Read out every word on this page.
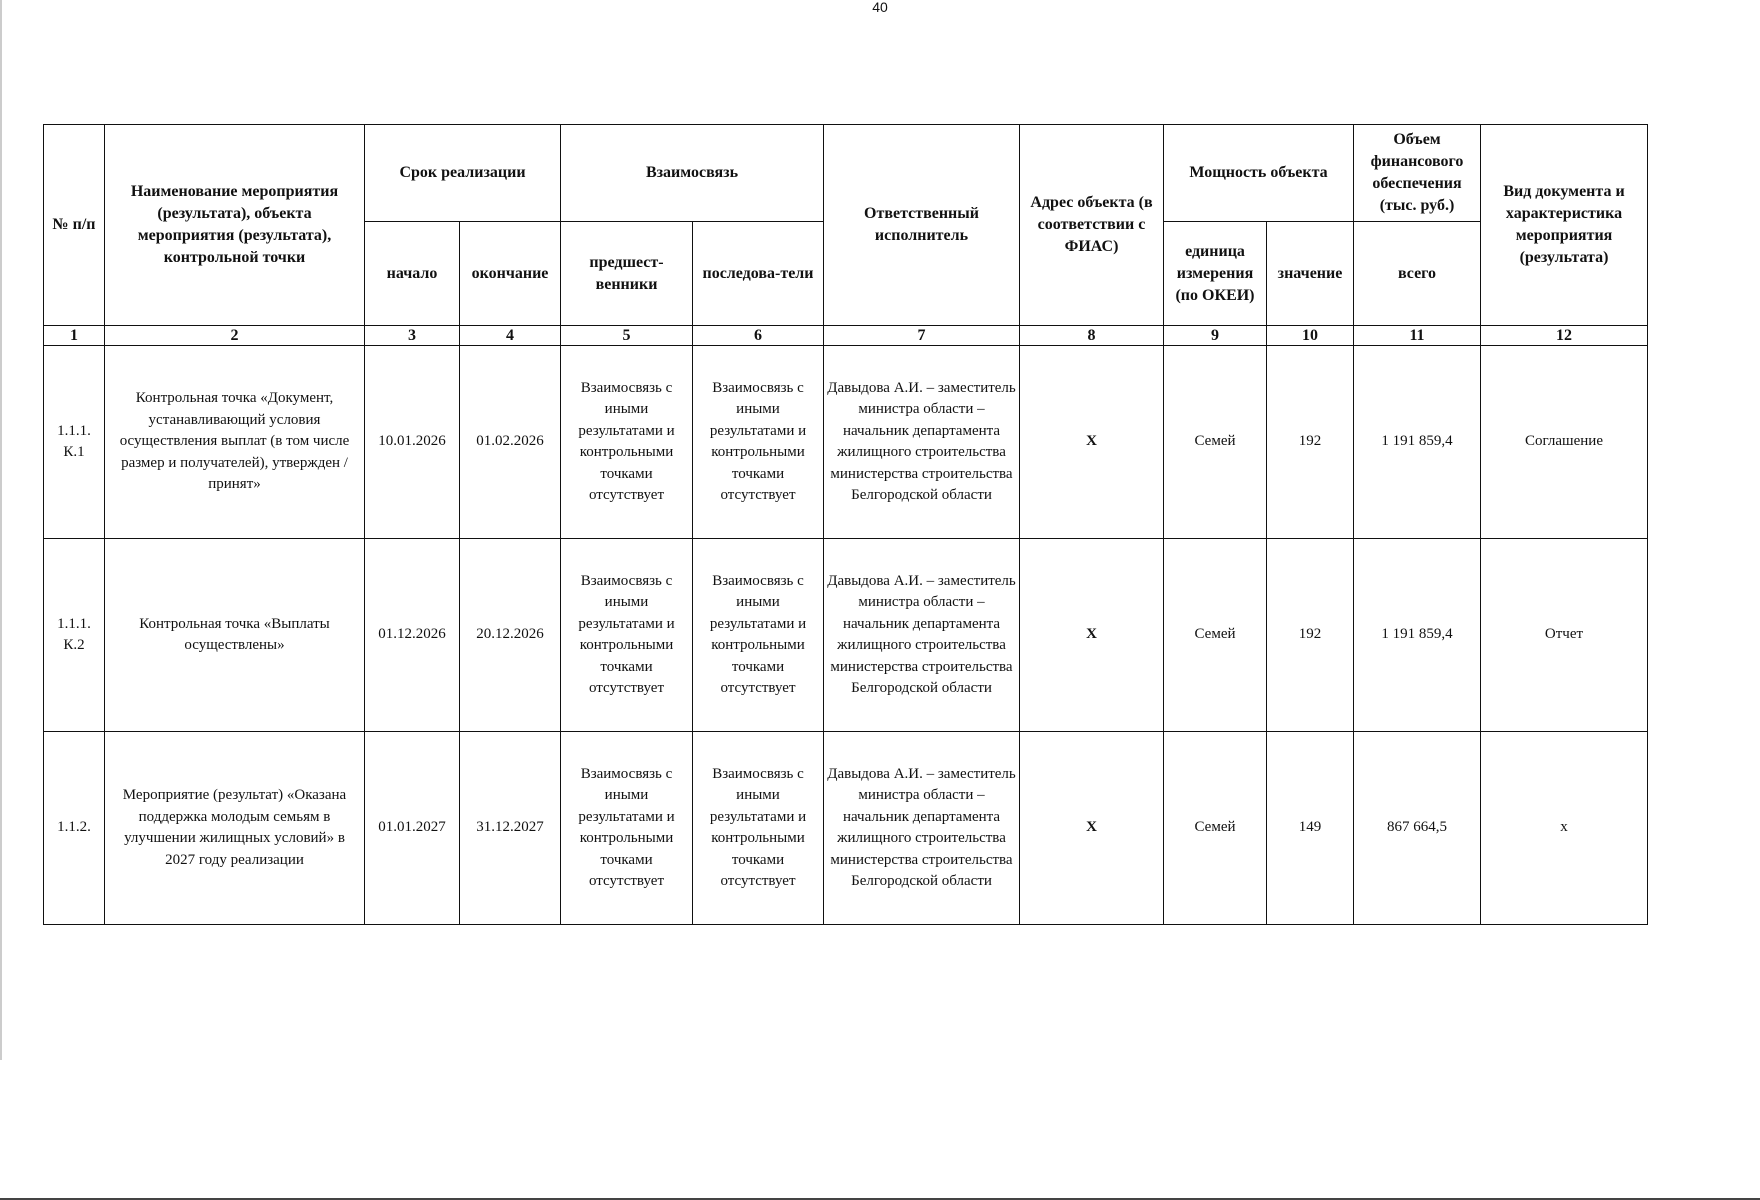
40
№ п/п	Наименование мероприятия (результата), объекта мероприятия (результата), контрольной точки	Срок реализации		Взаимосвязь		Ответственный исполнитель	Адрес объекта (в соответствии с ФИАС)	Мощность объекта		Объем финансового обеспечения (тыс. руб.)	Вид документа и характеристика мероприятия (результата)
		начало	окончание	предшест-венники	последова-тели			единица измерения (по ОКЕИ)	значение	всего	
1	2	3	4	5	6	7	8	9	10	11	12
1.1.1. К.1	Контрольная точка «Документ, устанавливающий условия осуществления выплат (в том числе размер и получателей), утвержден / принят»	10.01.2026	01.02.2026	Взаимосвязь с иными результатами и контрольными точками отсутствует	Взаимосвязь с иными результатами и контрольными точками отсутствует	Давыдова А.И. – заместитель министра области – начальник департамента жилищного строительства министерства строительства Белгородской области	X	Семей	192	1 191 859,4	Соглашение
1.1.1. К.2	Контрольная точка «Выплаты осуществлены»	01.12.2026	20.12.2026	Взаимосвязь с иными результатами и контрольными точками отсутствует	Взаимосвязь с иными результатами и контрольными точками отсутствует	Давыдова А.И. – заместитель министра области – начальник департамента жилищного строительства министерства строительства Белгородской области	X	Семей	192	1 191 859,4	Отчет
1.1.2.	Мероприятие (результат) «Оказана поддержка молодым семьям в улучшении жилищных условий» в 2027 году реализации	01.01.2027	31.12.2027	Взаимосвязь с иными результатами и контрольными точками отсутствует	Взаимосвязь с иными результатами и контрольными точками отсутствует	Давыдова А.И. – заместитель министра области – начальник департамента жилищного строительства министерства строительства Белгородской области	X	Семей	149	867 664,5	х
